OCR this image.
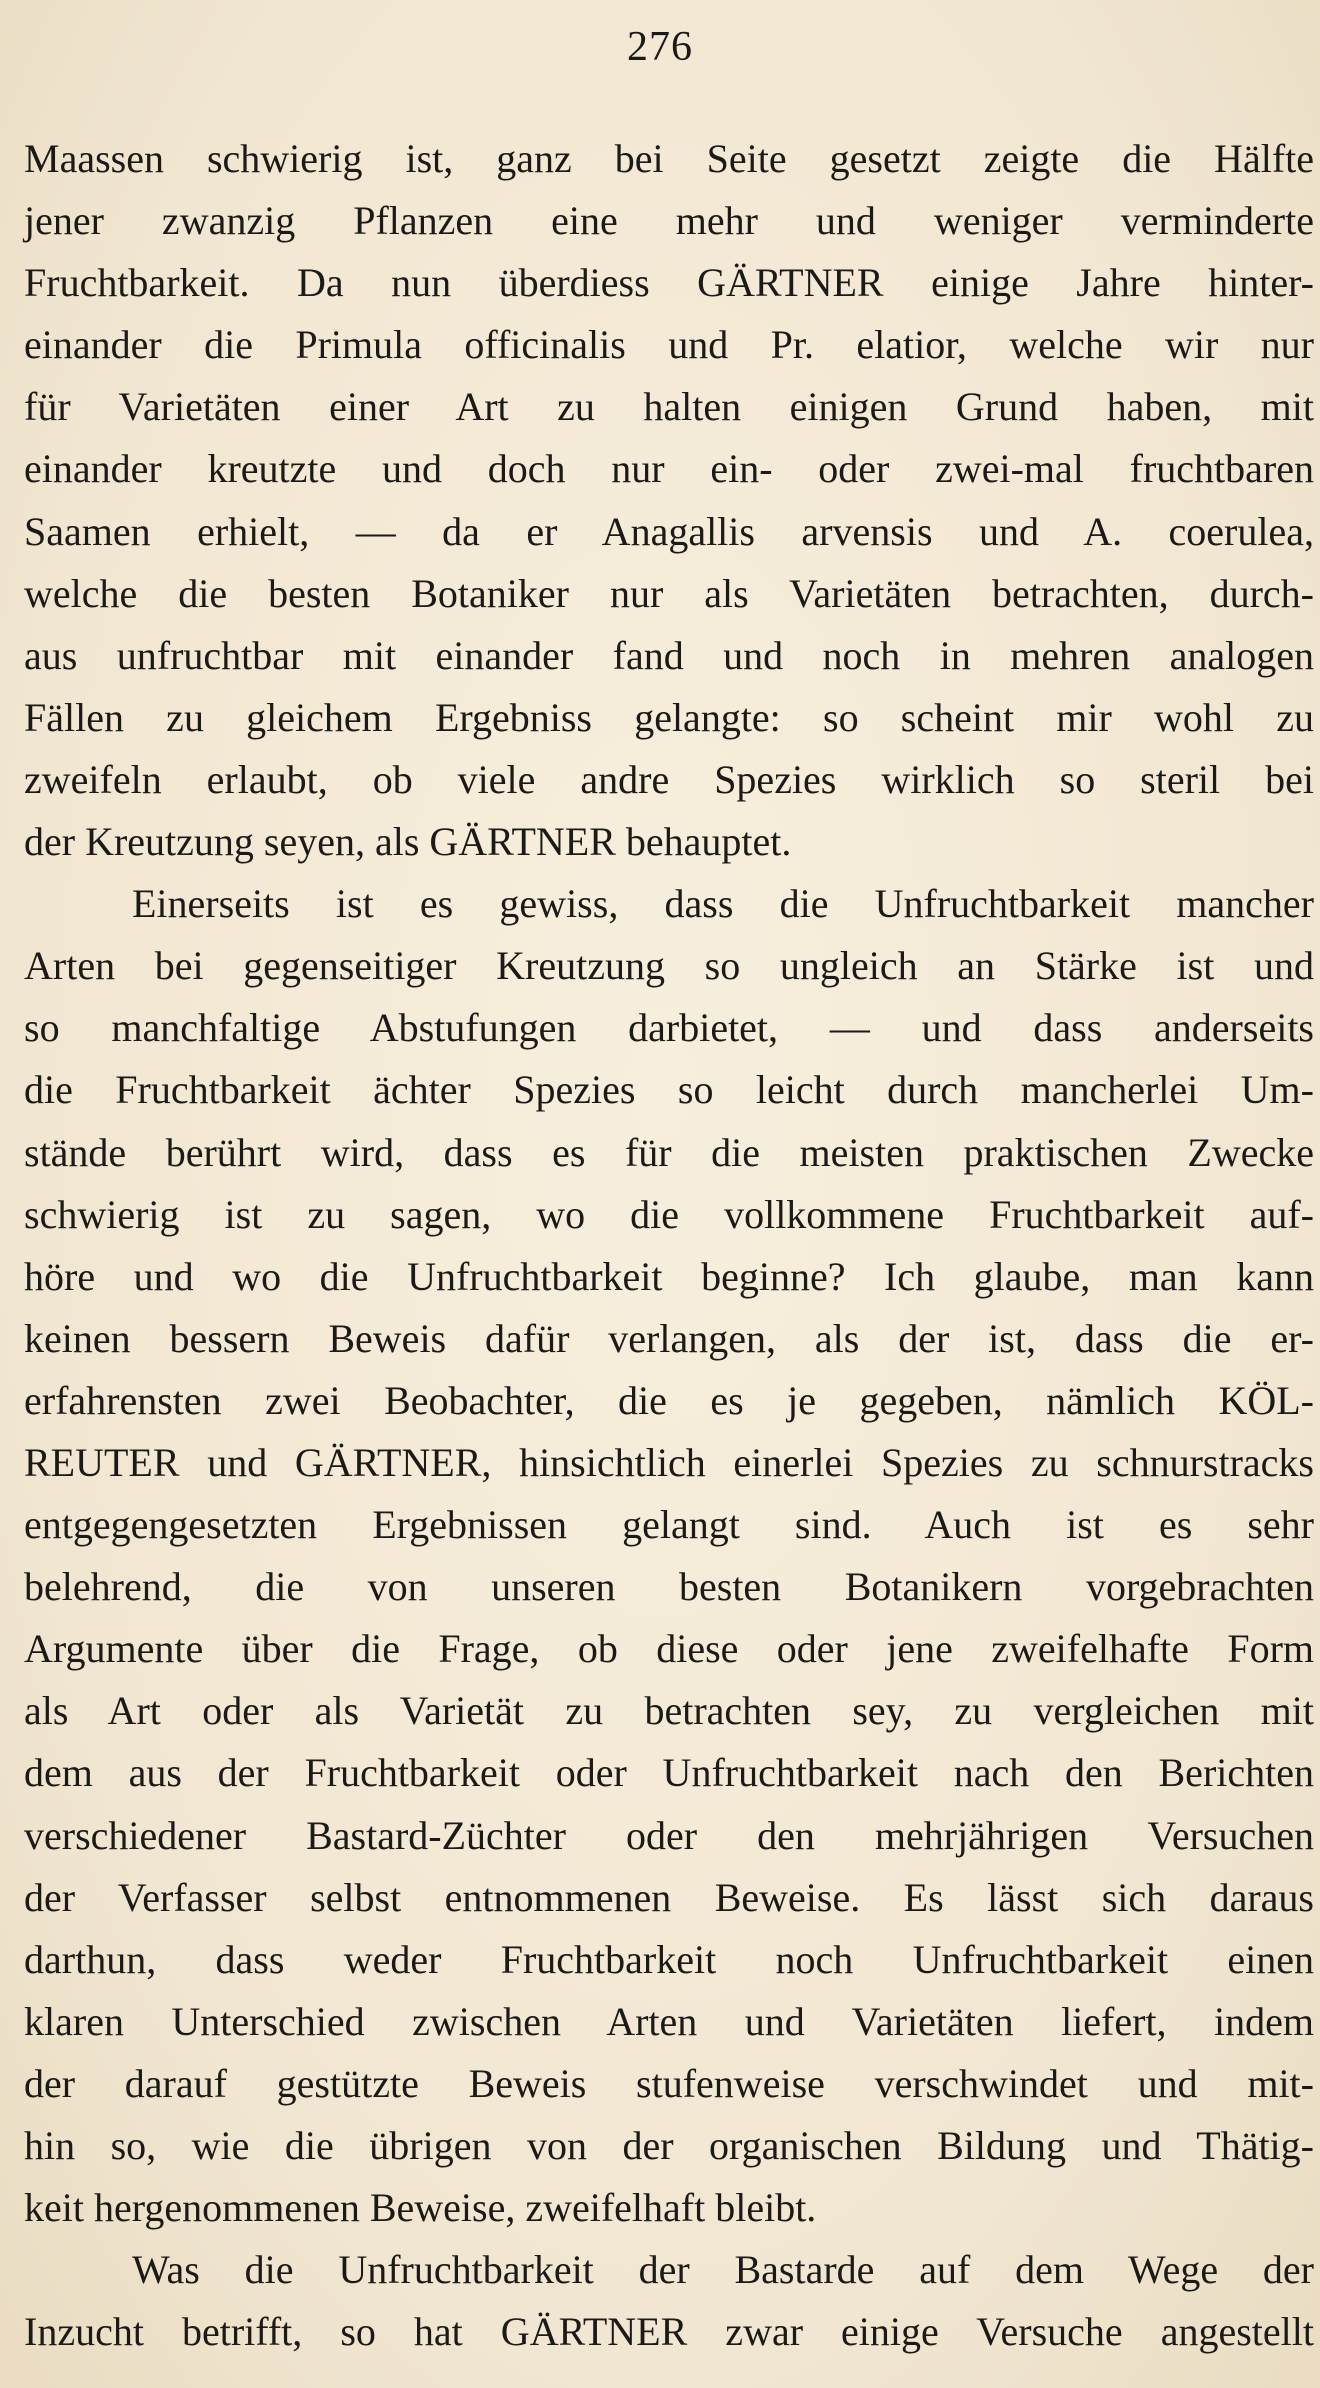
276
Maassen schwierig ist, ganz bei Seite gesetzt zeigte die Hälfte
jener zwanzig Pflanzen eine mehr und weniger verminderte
Fruchtbarkeit. Da nun überdiess GÄRTNER einige Jahre hinter-
einander die Primula officinalis und Pr. elatior, welche wir nur
für Varietäten einer Art zu halten einigen Grund haben, mit
einander kreutzte und doch nur ein- oder zwei-mal fruchtbaren
Saamen erhielt, — da er Anagallis arvensis und A. coerulea,
welche die besten Botaniker nur als Varietäten betrachten, durch-
aus unfruchtbar mit einander fand und noch in mehren analogen
Fällen zu gleichem Ergebniss gelangte: so scheint mir wohl zu
zweifeln erlaubt, ob viele andre Spezies wirklich so steril bei
der Kreutzung seyen, als GÄRTNER behauptet.
Einerseits ist es gewiss, dass die Unfruchtbarkeit mancher
Arten bei gegenseitiger Kreutzung so ungleich an Stärke ist und
so manchfaltige Abstufungen darbietet, — und dass anderseits
die Fruchtbarkeit ächter Spezies so leicht durch mancherlei Um-
stände berührt wird, dass es für die meisten praktischen Zwecke
schwierig ist zu sagen, wo die vollkommene Fruchtbarkeit auf-
höre und wo die Unfruchtbarkeit beginne? Ich glaube, man kann
keinen bessern Beweis dafür verlangen, als der ist, dass die er-
erfahrensten zwei Beobachter, die es je gegeben, nämlich KÖL-
REUTER und GÄRTNER, hinsichtlich einerlei Spezies zu schnurstracks
entgegengesetzten Ergebnissen gelangt sind. Auch ist es sehr
belehrend, die von unseren besten Botanikern vorgebrachten
Argumente über die Frage, ob diese oder jene zweifelhafte Form
als Art oder als Varietät zu betrachten sey, zu vergleichen mit
dem aus der Fruchtbarkeit oder Unfruchtbarkeit nach den Berichten
verschiedener Bastard-Züchter oder den mehrjährigen Versuchen
der Verfasser selbst entnommenen Beweise. Es lässt sich daraus
darthun, dass weder Fruchtbarkeit noch Unfruchtbarkeit einen
klaren Unterschied zwischen Arten und Varietäten liefert, indem
der darauf gestützte Beweis stufenweise verschwindet und mit-
hin so, wie die übrigen von der organischen Bildung und Thätig-
keit hergenommenen Beweise, zweifelhaft bleibt.
Was die Unfruchtbarkeit der Bastarde auf dem Wege der
Inzucht betrifft, so hat GÄRTNER zwar einige Versuche angestellt
